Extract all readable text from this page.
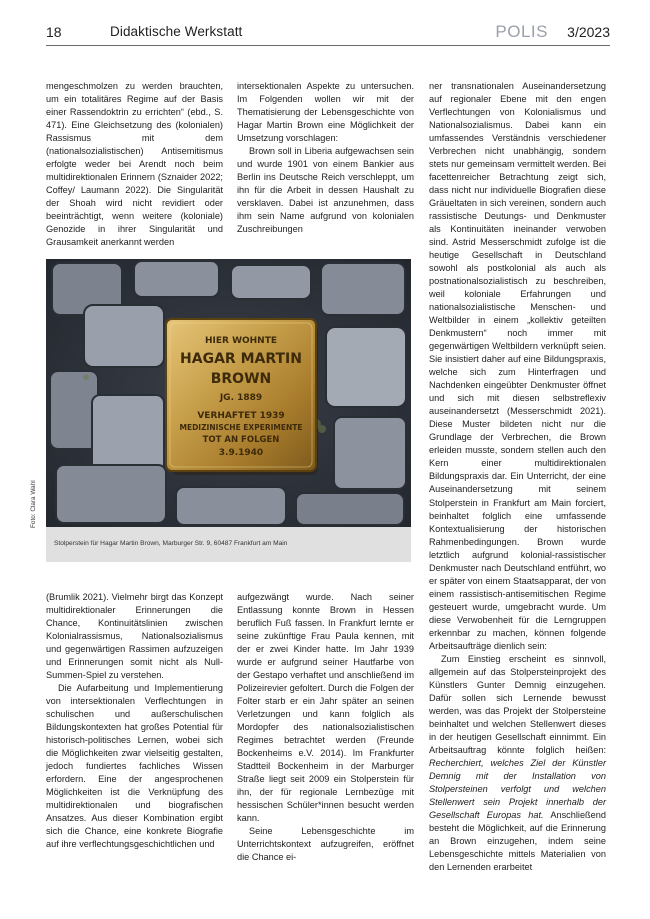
18	Didaktische Werkstatt	POLIS 3/2023

mengeschmolzen zu werden brauchten, um ein totalitäres Regime auf der Basis einer Rassendoktrin zu errichten“ (ebd., S. 471). Eine Gleichsetzung des (kolonialen) Rassismus mit dem (nationalsozialistischen) Antisemitismus erfolgte weder bei Arendt noch beim multidirektionalen Erinnern (Sznaider 2022; Coffey/ Laumann 2022). Die Singularität der Shoah wird nicht revidiert oder beeinträchtigt, wenn weitere (koloniale) Genozide in ihrer Singularität und Grausamkeit anerkannt werden

intersektionalen Aspekte zu untersuchen. Im Folgenden wollen wir mit der Thematisierung der Lebensgeschichte von Hagar Martin Brown eine Möglichkeit der Umsetzung vorschlagen:

Brown soll in Liberia aufgewachsen sein und wurde 1901 von einem Bankier aus Berlin ins Deutsche Reich verschleppt, um ihn für die Arbeit in dessen Haushalt zu versklaven. Dabei ist anzunehmen, dass ihm sein Name aufgrund von kolonialen Zuschreibungen

HIER WOHNTE
HAGAR MARTIN
BROWN
JG. 1889
VERHAFTET 1939
MEDIZINISCHE EXPERIMENTE
TOT AN FOLGEN
3.9.1940
Stolperstein für Hagar Martin Brown, Marburger Str. 9, 60487 Frankfurt am Main
Foto: Clara Wahl

(Brumlik 2021). Vielmehr birgt das Konzept multidirektionaler Erinnerungen die Chance, Kontinuitätslinien zwischen Kolonialrassismus, Nationalsozialismus und gegenwärtigen Rassimen aufzuzeigen und Erinnerungen somit nicht als Null-Summen-Spiel zu verstehen.

Die Aufarbeitung und Implementierung von intersektionalen Verflechtungen in schulischen und außerschulischen Bildungskontexten hat großes Potential für historisch-politisches Lernen, wobei sich die Möglichkeiten zwar vielseitig gestalten, jedoch fundiertes fachliches Wissen erfordern. Eine der angesprochenen Möglichkeiten ist die Verknüpfung des multidirektionalen und biografischen Ansatzes. Aus dieser Kombination ergibt sich die Chance, eine konkrete Biografie auf ihre verflechtungsgeschichtlichen und

aufgezwängt wurde. Nach seiner Entlassung konnte Brown in Hessen beruflich Fuß fassen. In Frankfurt lernte er seine zukünftige Frau Paula kennen, mit der er zwei Kinder hatte. Im Jahr 1939 wurde er aufgrund seiner Hautfarbe von der Gestapo verhaftet und anschließend im Polizeirevier gefoltert. Durch die Folgen der Folter starb er ein Jahr später an seinen Verletzungen und kann folglich als Mordopfer des nationalsozialistischen Regimes betrachtet werden (Freunde Bockenheims e.V. 2014). Im Frankfurter Stadtteil Bockenheim in der Marburger Straße liegt seit 2009 ein Stolperstein für ihn, der für regionale Lernbezüge mit hessischen Schüler*innen besucht werden kann.

Seine Lebensgeschichte im Unterrichtskontext aufzugreifen, eröffnet die Chance ei-

ner transnationalen Auseinandersetzung auf regionaler Ebene mit den engen Verflechtungen von Kolonialismus und Nationalsozialismus. Dabei kann ein umfassendes Verständnis verschiedener Verbrechen nicht unabhängig, sondern stets nur gemeinsam vermittelt werden. Bei facettenreicher Betrachtung zeigt sich, dass nicht nur individuelle Biografien diese Gräueltaten in sich vereinen, sondern auch rassistische Deutungs- und Denkmuster als Kontinuitäten ineinander verwoben sind. Astrid Messerschmidt zufolge ist die heutige Gesellschaft in Deutschland sowohl als postkolonial als auch als postnationalsozialistisch zu beschreiben, weil koloniale Erfahrungen und nationalsozialistische Menschen- und Weltbilder in einem „kollektiv geteilten Denkmustern“ noch immer mit gegenwärtigen Weltbildern verknüpft seien. Sie insistiert daher auf eine Bildungspraxis, welche sich zum Hinterfragen und Nachdenken eingeübter Denkmuster öffnet und sich mit diesen selbstreflexiv auseinandersetzt (Messerschmidt 2021). Diese Muster bildeten nicht nur die Grundlage der Verbrechen, die Brown erleiden musste, sondern stellen auch den Kern einer multidirektionalen Bildungspraxis dar. Ein Unterricht, der eine Auseinandersetzung mit seinem Stolperstein in Frankfurt am Main forciert, beinhaltet folglich eine umfassende Kontextualisierung der historischen Rahmenbedingungen. Brown wurde letztlich aufgrund kolonial-rassistischer Denkmuster nach Deutschland entführt, wo er später von einem Staatsapparat, der von einem rassistisch-antisemitischen Regime gesteuert wurde, umgebracht wurde. Um diese Verwobenheit für die Lerngruppen erkennbar zu machen, können folgende Arbeitsaufträge dienlich sein:

Zum Einstieg erscheint es sinnvoll, allgemein auf das Stolpersteinprojekt des Künstlers Gunter Demnig einzugehen. Dafür sollen sich Lernende bewusst werden, was das Projekt der Stolpersteine beinhaltet und welchen Stellenwert dieses in der heutigen Gesellschaft einnimmt. Ein Arbeitsauftrag könnte folglich heißen: Recherchiert, welches Ziel der Künstler Demnig mit der Installation von Stolpersteinen verfolgt und welchen Stellenwert sein Projekt innerhalb der Gesellschaft Europas hat. Anschließend besteht die Möglichkeit, auf die Erinnerung an Brown einzugehen, indem seine Lebensgeschichte mittels Materialien von den Lernenden erarbeitet
